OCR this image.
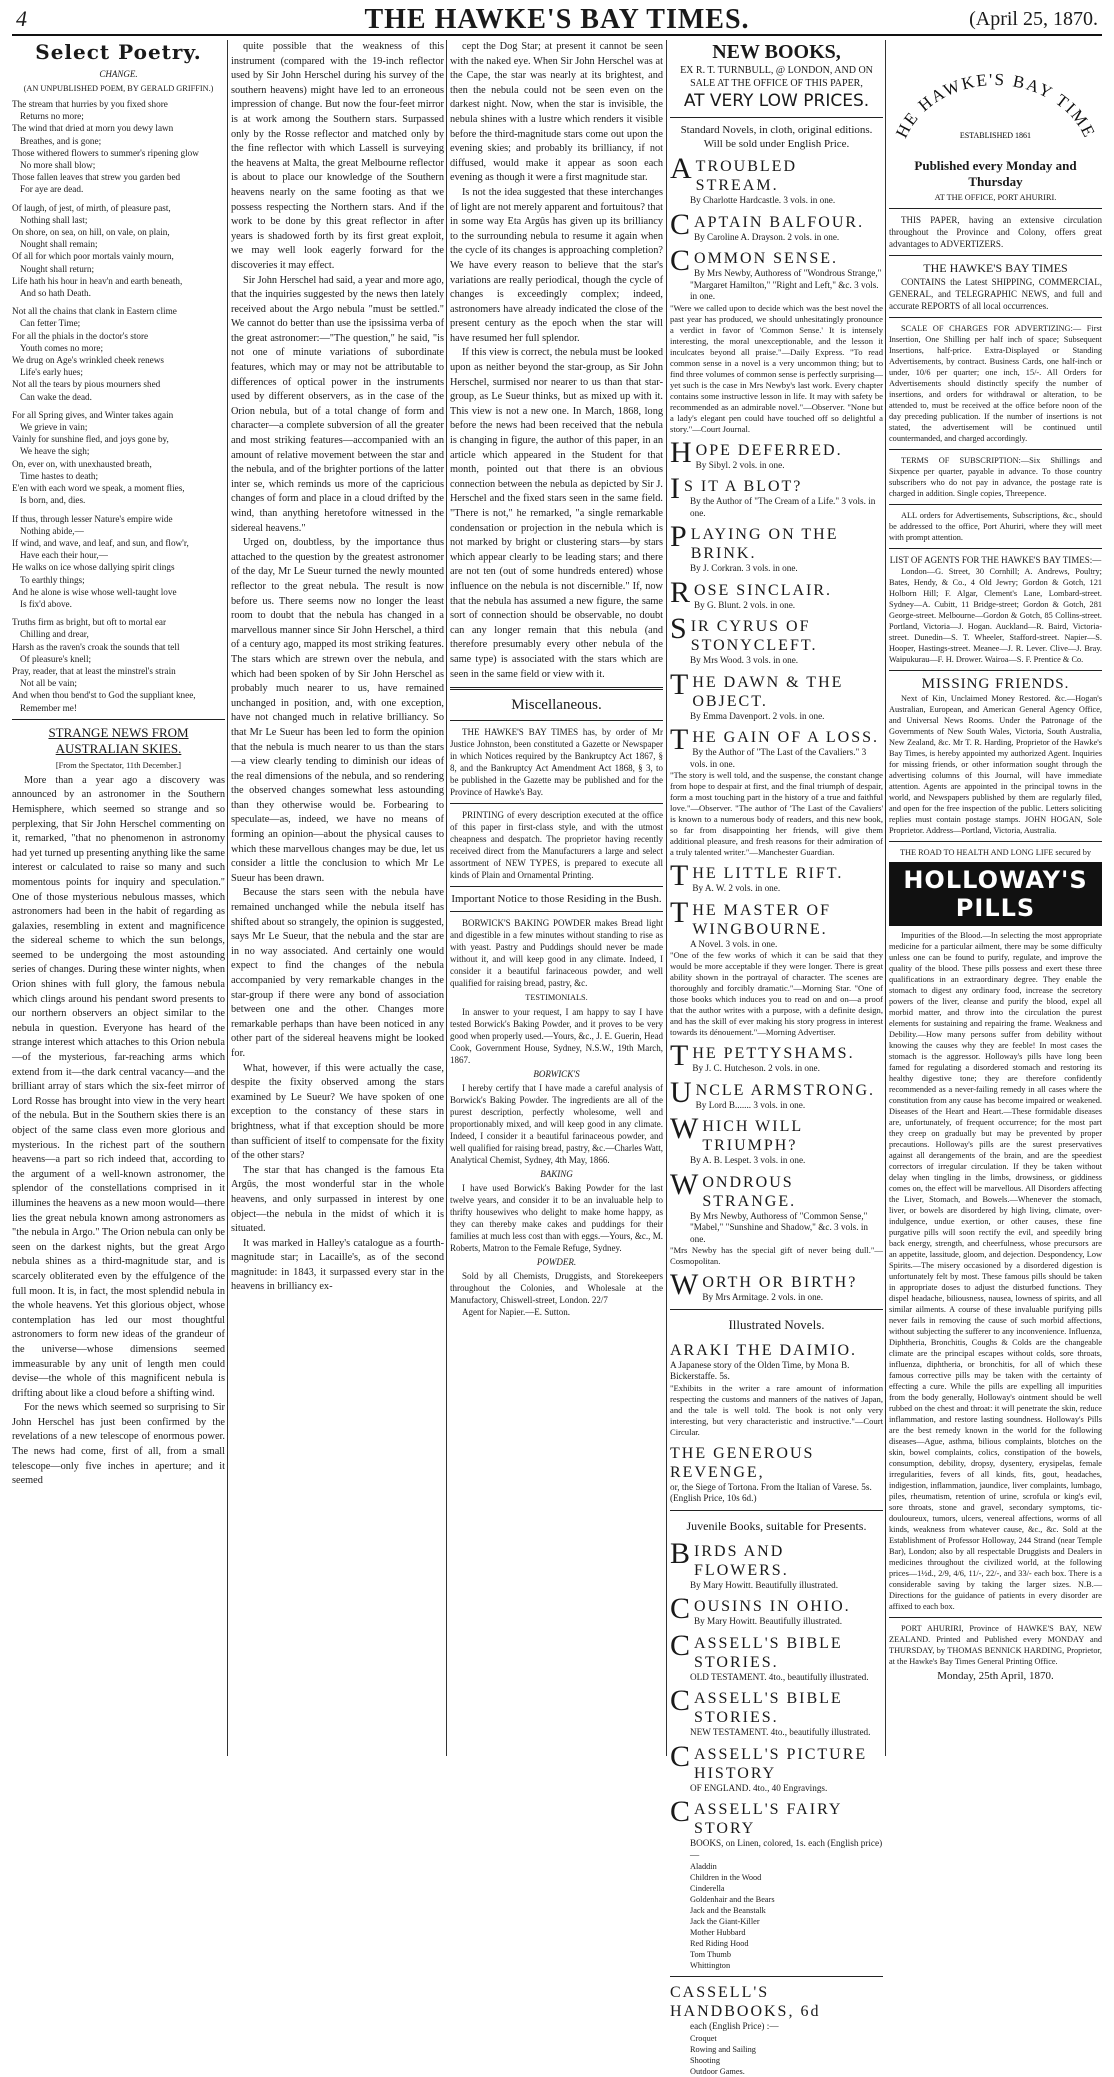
4	THE HAWKE'S BAY TIMES.	(April 25, 1870.
Select Poetry.
CHANGE.
(AN UNPUBLISHED POEM, BY GERALD GRIFFIN.)
The stream that hurries by you fixed shore
Returns no more;
The wind that dried at morn you dewy lawn
Breathes, and is gone;
Those withered flowers to summer's ripening glow
No more shall blow;
Those fallen leaves that strew you garden bed
For aye are dead.
Of laugh, of jest, of mirth, of pleasure past,
Nothing shall last;
On shore, on sea, on hill, on vale, on plain,
Nought shall remain;
Of all for which poor mortals vainly mourn,
Nought shall return;
Life hath his hour in heav'n and earth beneath,
And so hath Death.
Not all the chains that clank in Eastern clime
Can fetter Time;
For all the phials in the doctor's store
Youth comes no more;
We drug on Age's wrinkled cheek renews
Life's early hues;
Not all the tears by pious mourners shed
Can wake the dead.
For all Spring gives, and Winter takes again
We grieve in vain;
Vainly for sunshine fled, and joys gone by,
We heave the sigh;
On, ever on, with unexhausted breath,
Time hastes to death;
E'en with each word we speak, a moment flies,
Is born, and, dies.
If thus, through lesser Nature's empire wide
Nothing abide,—
If wind, and wave, and leaf, and sun, and flow'r,
Have each their hour,—
He walks on ice whose dallying spirit clings
To earthly things;
And he alone is wise whose well-taught love
Is fix'd above.
Truths firm as bright, but oft to mortal ear
Chilling and drear,
Harsh as the raven's croak the sounds that tell
Of pleasure's knell;
Pray, reader, that at least the minstrel's strain
Not all be vain;
And when thou bend'st to God the suppliant knee,
Remember me!
STRANGE NEWS FROM AUSTRALIAN SKIES.
[From the Spectator, 11th December.]

More than a year ago a discovery was announced by an astronomer in the Southern Hemisphere, which seemed so strange and so perplexing, that Sir John Herschel commenting on it, remarked, "that no phenomenon in astronomy had yet turned up presenting anything like the same interest or calculated to raise so many and such momentous points for inquiry and speculation." One of those mysterious nebulous masses, which astronomers had been in the habit of regarding as galaxies, resembling in extent and magnificence the sidereal scheme to which the sun belongs, seemed to be undergoing the most astounding series of changes. During these winter nights, when Orion shines with full glory, the famous nebula which clings around his pendant sword presents to our northern observers an object similar to the nebula in question. Everyone has heard of the strange interest which attaches to this Orion nebula—of the mysterious, far-reaching arms which extend from it—the dark central vacancy—and the brilliant array of stars which the six-feet mirror of Lord Rosse has brought into view in the very heart of the nebula. But in the Southern skies there is an object of the same class even more glorious and mysterious. In the richest part of the southern heavens—a part so rich indeed that, according to the argument of a well-known astronomer, the splendor of the constellations comprised in it illumines the heavens as a new moon would—there lies the great nebula known among astronomers as "the nebula in Argo." The Orion nebula can only be seen on the darkest nights, but the great Argo nebula shines as a third-magnitude star, and is scarcely obliterated even by the effulgence of the full moon. It is, in fact, the most splendid nebula in the whole heavens. Yet this glorious object, whose contemplation has led our most thoughtful astronomers to form new ideas of the grandeur of the universe—whose dimensions seemed immeasurable by any unit of length men could devise—the whole of this magnificent nebula is drifting about like a cloud before a shifting wind.

For the news which seemed so surprising to Sir John Herschel has just been confirmed by the revelations of a new telescope of enormous power. The news had come, first of all, from a small telescope—only five inches in aperture; and it seemed

quite possible that the weakness of this instrument (compared with the 19-inch reflector used by Sir John Herschel during his survey of the southern heavens) might have led to an erroneous impression of change. But now the four-feet mirror is at work among the Southern stars. Surpassed only by the Rosse reflector and matched only by the fine reflector with which Lassell is surveying the heavens at Malta, the great Melbourne reflector is about to place our knowledge of the Southern heavens nearly on the same footing as that we possess respecting the Northern stars. And if the work to be done by this great reflector in after years is shadowed forth by its first great exploit, we may well look eagerly forward for the discoveries it may effect.

Sir John Herschel had said, a year and more ago, that the inquiries suggested by the news then lately received about the Argo nebula "must be settled." We cannot do better than use the ipsissima verba of the great astronomer:—"The question," he said, "is not one of minute variations of subordinate features, which may or may not be attributable to differences of optical power in the instruments used by different observers, as in the case of the Orion nebula, but of a total change of form and character—a complete subversion of all the greater and most striking features—accompanied with an amount of relative movement between the star and the nebula, and of the brighter portions of the latter inter se, which reminds us more of the capricious changes of form and place in a cloud drifted by the wind, than anything heretofore witnessed in the sidereal heavens."

Urged on, doubtless, by the importance thus attached to the question by the greatest astronomer of the day, Mr Le Sueur turned the newly mounted reflector to the great nebula. The result is now before us. There seems now no longer the least room to doubt that the nebula has changed in a marvellous manner since Sir John Herschel, a third of a century ago, mapped its most striking features. The stars which are strewn over the nebula, and which had been spoken of by Sir John Herschel as probably much nearer to us, have remained unchanged in position, and, with one exception, have not changed much in relative brilliancy. So that Mr Le Sueur has been led to form the opinion that the nebula is much nearer to us than the stars—a view clearly tending to diminish our ideas of the real dimensions of the nebula, and so rendering the observed changes somewhat less astounding than they otherwise would be. Forbearing to speculate—as, indeed, we have no means of forming an opinion—about the physical causes to which these marvellous changes may be due, let us consider a little the conclusion to which Mr Le Sueur has been drawn.

Because the stars seen with the nebula have remained unchanged while the nebula itself has shifted about so strangely, the opinion is suggested, says Mr Le Sueur, that the nebula and the star are in no way associated. And certainly one would expect to find the changes of the nebula accompanied by very remarkable changes in the star-group if there were any bond of association between one and the other. Changes more remarkable perhaps than have been noticed in any other part of the sidereal heavens might be looked for.

What, however, if this were actually the case, despite the fixity observed among the stars examined by Le Sueur? We have spoken of one exception to the constancy of these stars in brightness, what if that exception should be more than sufficient of itself to compensate for the fixity of the other stars?

The star that has changed is the famous Eta Argûs, the most wonderful star in the whole heavens, and only surpassed in interest by one object—the nebula in the midst of which it is situated.

It was marked in Halley's catalogue as a fourth-magnitude star; in Lacaille's, as of the second magnitude: in 1843, it surpassed every star in the heavens in brilliancy ex-

cept the Dog Star; at present it cannot be seen with the naked eye. When Sir John Herschel was at the Cape, the star was nearly at its brightest, and then the nebula could not be seen even on the darkest night. Now, when the star is invisible, the nebula shines with a lustre which renders it visible before the third-magnitude stars come out upon the evening skies; and probably its brilliancy, if not diffused, would make it appear as soon each evening as though it were a first magnitude star.

Is not the idea suggested that these interchanges of light are not merely apparent and fortuitous? that in some way Eta Argûs has given up its brilliancy to the surrounding nebula to resume it again when the cycle of its changes is approaching completion? We have every reason to believe that the star's variations are really periodical, though the cycle of changes is exceedingly complex; indeed, astronomers have already indicated the close of the present century as the epoch when the star will have resumed her full splendor.

If this view is correct, the nebula must be looked upon as neither beyond the star-group, as Sir John Herschel, surmised nor nearer to us than that star-group, as Le Sueur thinks, but as mixed up with it. This view is not a new one. In March, 1868, long before the news had been received that the nebula is changing in figure, the author of this paper, in an article which appeared in the Student for that month, pointed out that there is an obvious connection between the nebula as depicted by Sir J. Herschel and the fixed stars seen in the same field. "There is not," he remarked, "a single remarkable condensation or projection in the nebula which is not marked by bright or clustering stars—by stars which appear clearly to be leading stars; and there are not ten (out of some hundreds entered) whose influence on the nebula is not discernible." If, now that the nebula has assumed a new figure, the same sort of connection should be observable, no doubt can any longer remain that this nebula (and therefore presumably every other nebula of the same type) is associated with the stars which are seen in the same field or view with it.

Miscellaneous.

THE HAWKE'S BAY TIMES has, by order of Mr Justice Johnston, been constituted a Gazette or Newspaper in which Notices required by the Bankruptcy Act 1867, § 8, and the Bankruptcy Act Amendment Act 1868, § 3, to be published in the Gazette may be published and for the Province of Hawke's Bay.

PRINTING of every description executed at the office of this paper in first-class style, and with the utmost cheapness and despatch. The proprietor having recently received direct from the Manufacturers a large and select assortment of NEW TYPES, is prepared to execute all kinds of Plain and Ornamental Printing.

Important Notice to those Residing in the Bush.

BORWICK'S BAKING POWDER makes Bread light and digestible in a few minutes without standing to rise as with yeast. Pastry and Puddings should never be made without it, and will keep good in any climate. Indeed, I consider it a beautiful farinaceous powder, and well qualified for raising bread, pastry, &c.

TESTIMONIALS.

In answer to your request, I am happy to say I have tested Borwick's Baking Powder, and it proves to be very good when properly used.—Yours, &c., J. E. Guerin, Head Cook, Government House, Sydney, N.S.W., 19th March, 1867.

BORWICK'S

I hereby certify that I have made a careful analysis of Borwick's Baking Powder. The ingredients are all of the purest description, perfectly wholesome, well and proportionably mixed, and will keep good in any climate. Indeed, I consider it a beautiful farinaceous powder, and well qualified for raising bread, pastry, &c.—Charles Watt, Analytical Chemist, Sydney, 4th May, 1866.

BAKING

I have used Borwick's Baking Powder for the last twelve years, and consider it to be an invaluable help to thrifty housewives who delight to make home happy, as they can thereby make cakes and puddings for their families at much less cost than with eggs.—Yours, &c., M. Roberts, Matron to the Female Refuge, Sydney.

POWDER.

Sold by all Chemists, Druggists, and Storekeepers throughout the Colonies, and Wholesale at the Manufactory, Chiswell-street, London. 22/7

Agent for Napier.—E. Sutton.

NEW BOOKS,
EX R. T. TURNBULL, @ LONDON, AND ON SALE AT THE OFFICE OF THIS PAPER,
AT VERY LOW PRICES.
Standard Novels, in cloth, original editions. Will be sold under English Price.
A TROUBLED STREAM.
By Charlotte Hardcastle. 3 vols. in one.
CAPTAIN BALFOUR.
By Caroline A. Drayson. 2 vols. in one.
COMMON SENSE.
By Mrs Newby, Authoress of "Wondrous Strange," "Margaret Hamilton," "Right and Left," &c. 3 vols. in one.
"Were we called upon to decide which was the best novel the past year has produced, we should unhesitatingly pronounce a verdict in favor of 'Common Sense.' It is intensely interesting, the moral unexceptionable, and the lesson it inculcates beyond all praise."—Daily Express. "To read common sense in a novel is a very uncommon thing; but to find three volumes of common sense is perfectly surprising—yet such is the case in Mrs Newby's last work. Every chapter contains some instructive lesson in life. It may with safety be recommended as an admirable novel."—Observer. "None but a lady's elegant pen could have touched off so delightful a story."—Court Journal.
HOPE DEFERRED.
By Sibyl. 2 vols. in one.
I S IT A BLOT?
By the Author of "The Cream of a Life." 3 vols. in one.
PLAYING ON THE BRINK.
By J. Corkran. 3 vols. in one.
ROSE SINCLAIR.
By G. Blunt. 2 vols. in one.
SIR CYRUS OF STONYCLEFT.
By Mrs Wood. 3 vols. in one.
THE DAWN & THE OBJECT.
By Emma Davenport. 2 vols. in one.
THE GAIN OF A LOSS.
By the Author of "The Last of the Cavaliers." 3 vols. in one.
"The story is well told, and the suspense, the constant change from hope to despair at first, and the final triumph of despair, form a most touching part in the history of a true and faithful love."—Observer. "The author of 'The Last of the Cavaliers' is known to a numerous body of readers, and this new book, so far from disappointing her friends, will give them additional pleasure, and fresh reasons for their admiration of a truly talented writer."—Manchester Guardian.
THE LITTLE RIFT.
By A. W. 2 vols. in one.
THE MASTER OF WINGBOURNE.
A Novel. 3 vols. in one.
"One of the few works of which it can be said that they would be more acceptable if they were longer. There is great ability shown in the portrayal of character. The scenes are thoroughly and forcibly dramatic."—Morning Star. "One of those books which induces you to read on and on—a proof that the author writes with a purpose, with a definite design, and has the skill of ever making his story progress in interest towards its dénouement."—Morning Advertiser.
THE PETTYSHAMS.
By J. C. Hutcheson. 2 vols. in one.
UNCLE ARMSTRONG.
By Lord B....... 3 vols. in one.
WHICH WILL TRIUMPH?
By A. B. Lespet. 3 vols. in one.
WONDROUS STRANGE.
By Mrs Newby, Authoress of "Common Sense," "Mabel," "Sunshine and Shadow," &c. 3 vols. in one.
"Mrs Newby has the special gift of never being dull."—Cosmopolitan.
WORTH OR BIRTH?
By Mrs Armitage. 2 vols. in one.
Illustrated Novels.
ARAKI THE DAIMIO.
A Japanese story of the Olden Time, by Mona B. Bickerstaffe. 5s.
"Exhibits in the writer a rare amount of information respecting the customs and manners of the natives of Japan, and the tale is well told. The book is not only very interesting, but very characteristic and instructive."—Court Circular.
THE GENEROUS REVENGE,
or, the Siege of Tortona. From the Italian of Varese. 5s. (English Price, 10s 6d.)
Juvenile Books, suitable for Presents.
BIRDS AND FLOWERS.
By Mary Howitt. Beautifully illustrated.
COUSINS IN OHIO.
By Mary Howitt. Beautifully illustrated.
CASSELL'S BIBLE STORIES.
OLD TESTAMENT. 4to., beautifully illustrated.
CASSELL'S BIBLE STORIES.
NEW TESTAMENT. 4to., beautifully illustrated.
CASSELL'S PICTURE HISTORY
OF ENGLAND. 4to., 40 Engravings.
CASSELL'S FAIRY STORY
BOOKS, on Linen, colored, 1s. each (English price)—
Aladdin
Children in the Wood
Cinderella
Goldenhair and the Bears
Jack and the Beanstalk
Jack the Giant-Killer
Mother Hubbard
Red Riding Hood
Tom Thumb
Whittington
CASSELL'S HANDBOOKS, 6d
each (English Price) :—
Croquet
Rowing and Sailing
Shooting
Outdoor Games.
HE HAWKE'S BAY TIME
ESTABLISHED 1861
Published every Monday and Thursday
AT THE OFFICE, PORT AHURIRI.

THIS PAPER, having an extensive circulation throughout the Province and Colony, offers great advantages to ADVERTIZERS.

THE HAWKE'S BAY TIMES

CONTAINS the Latest SHIPPING, COMMERCIAL, GENERAL, and TELEGRAPHIC NEWS, and full and accurate REPORTS of all local occurrences.

SCALE OF CHARGES FOR ADVERTIZING:— First Insertion, One Shilling per half inch of space; Subsequent Insertions, half-price. Extra-Displayed or Standing Advertisements, by contract. Business Cards, one half-inch or under, 10/6 per quarter; one inch, 15/-. All Orders for Advertisements should distinctly specify the number of insertions, and orders for withdrawal or alteration, to be attended to, must be received at the office before noon of the day preceding publication. If the number of insertions is not stated, the advertisement will be continued until countermanded, and charged accordingly.

TERMS OF SUBSCRIPTION:—Six Shillings and Sixpence per quarter, payable in advance. To those country subscribers who do not pay in advance, the postage rate is charged in addition. Single copies, Threepence.

ALL orders for Advertisements, Subscriptions, &c., should be addressed to the office, Port Ahuriri, where they will meet with prompt attention.

LIST OF AGENTS FOR THE HAWKE'S BAY TIMES:—

London—G. Street, 30 Cornhill; A. Andrews, Poultry; Bates, Hendy, & Co., 4 Old Jewry; Gordon & Gotch, 121 Holborn Hill; F. Algar, Clement's Lane, Lombard-street. Sydney—A. Cubitt, 11 Bridge-street; Gordon & Gotch, 281 George-street. Melbourne—Gordon & Gotch, 85 Collins-street. Portland, Victoria—J. Hogan. Auckland—R. Baird, Victoria-street. Dunedin—S. T. Wheeler, Stafford-street. Napier—S. Hooper, Hastings-street. Meanee—J. R. Lever. Clive—J. Bray. Waipukurau—F. H. Drower. Wairoa—S. F. Prentice & Co.

MISSING FRIENDS.

Next of Kin, Unclaimed Money Restored. &c.—Hogan's Australian, European, and American General Agency Office, and Universal News Rooms. Under the Patronage of the Governments of New South Wales, Victoria, South Australia, New Zealand, &c. Mr T. R. Harding, Proprietor of the Hawke's Bay Times, is hereby appointed my authorized Agent. Inquiries for missing friends, or other information sought through the advertising columns of this Journal, will have immediate attention. Agents are appointed in the principal towns in the world, and Newspapers published by them are regularly filed, and open for the free inspection of the public. Letters soliciting replies must contain postage stamps. JOHN HOGAN, Sole Proprietor. Address—Portland, Victoria, Australia.

THE ROAD TO HEALTH AND LONG LIFE secured by
HOLLOWAY'S PILLS

Impurities of the Blood.—In selecting the most appropriate medicine for a particular ailment, there may be some difficulty unless one can be found to purify, regulate, and improve the quality of the blood. These pills possess and exert these three qualifications in an extraordinary degree. They enable the stomach to digest any ordinary food, increase the secretory powers of the liver, cleanse and purify the blood, expel all morbid matter, and throw into the circulation the purest elements for sustaining and repairing the frame. Weakness and Debility.—How many persons suffer from debility without knowing the causes why they are feeble! In most cases the stomach is the aggressor. Holloway's pills have long been famed for regulating a disordered stomach and restoring its healthy digestive tone; they are therefore confidently recommended as a never-failing remedy in all cases where the constitution from any cause has become impaired or weakened. Diseases of the Heart and Heart.—These formidable diseases are, unfortunately, of frequent occurrence; for the most part they creep on gradually but may be prevented by proper precautions. Holloway's pills are the surest preservatives against all derangements of the brain, and are the speediest correctors of irregular circulation. If they be taken without delay when tingling in the limbs, drowsiness, or giddiness comes on, the effect will be marvellous. All Disorders affecting the Liver, Stomach, and Bowels.—Whenever the stomach, liver, or bowels are disordered by high living, climate, over-indulgence, undue exertion, or other causes, these fine purgative pills will soon rectify the evil, and speedily bring back energy, strength, and cheerfulness, whose precursors are an appetite, lassitude, gloom, and dejection. Despondency, Low Spirits.—The misery occasioned by a disordered digestion is unfortunately felt by most. These famous pills should be taken in appropriate doses to adjust the disturbed functions. They dispel headache, biliousness, nausea, lowness of spirits, and all similar ailments. A course of these invaluable purifying pills never fails in removing the cause of such morbid affections, without subjecting the sufferer to any inconvenience. Influenza, Diphtheria, Bronchitis, Coughs & Colds are the changeable climate are the principal escapes without colds, sore throats, influenza, diphtheria, or bronchitis, for all of which these famous corrective pills may be taken with the certainty of effecting a cure. While the pills are expelling all impurities from the body generally, Holloway's ointment should be well rubbed on the chest and throat: it will penetrate the skin, reduce inflammation, and restore lasting soundness. Holloway's Pills are the best remedy known in the world for the following diseases—Ague, asthma, bilious complaints, blotches on the skin, bowel complaints, colics, constipation of the bowels, consumption, debility, dropsy, dysentery, erysipelas, female irregularities, fevers of all kinds, fits, gout, headaches, indigestion, inflammation, jaundice, liver complaints, lumbago, piles, rheumatism, retention of urine, scrofula or king's evil, sore throats, stone and gravel, secondary symptoms, tic-douloureux, tumors, ulcers, venereal affections, worms of all kinds, weakness from whatever cause, &c., &c. Sold at the Establishment of Professor Holloway, 244 Strand (near Temple Bar), London; also by all respectable Druggists and Dealers in medicines throughout the civilized world, at the following prices—1½d., 2/9, 4/6, 11/-, 22/-, and 33/- each box. There is a considerable saving by taking the larger sizes. N.B.—Directions for the guidance of patients in every disorder are affixed to each box.

PORT AHURIRI, Province of HAWKE'S BAY, NEW ZEALAND. Printed and Published every MONDAY and THURSDAY, by THOMAS BENNICK HARDING, Proprietor, at the Hawke's Bay Times General Printing Office.

Monday, 25th April, 1870.
